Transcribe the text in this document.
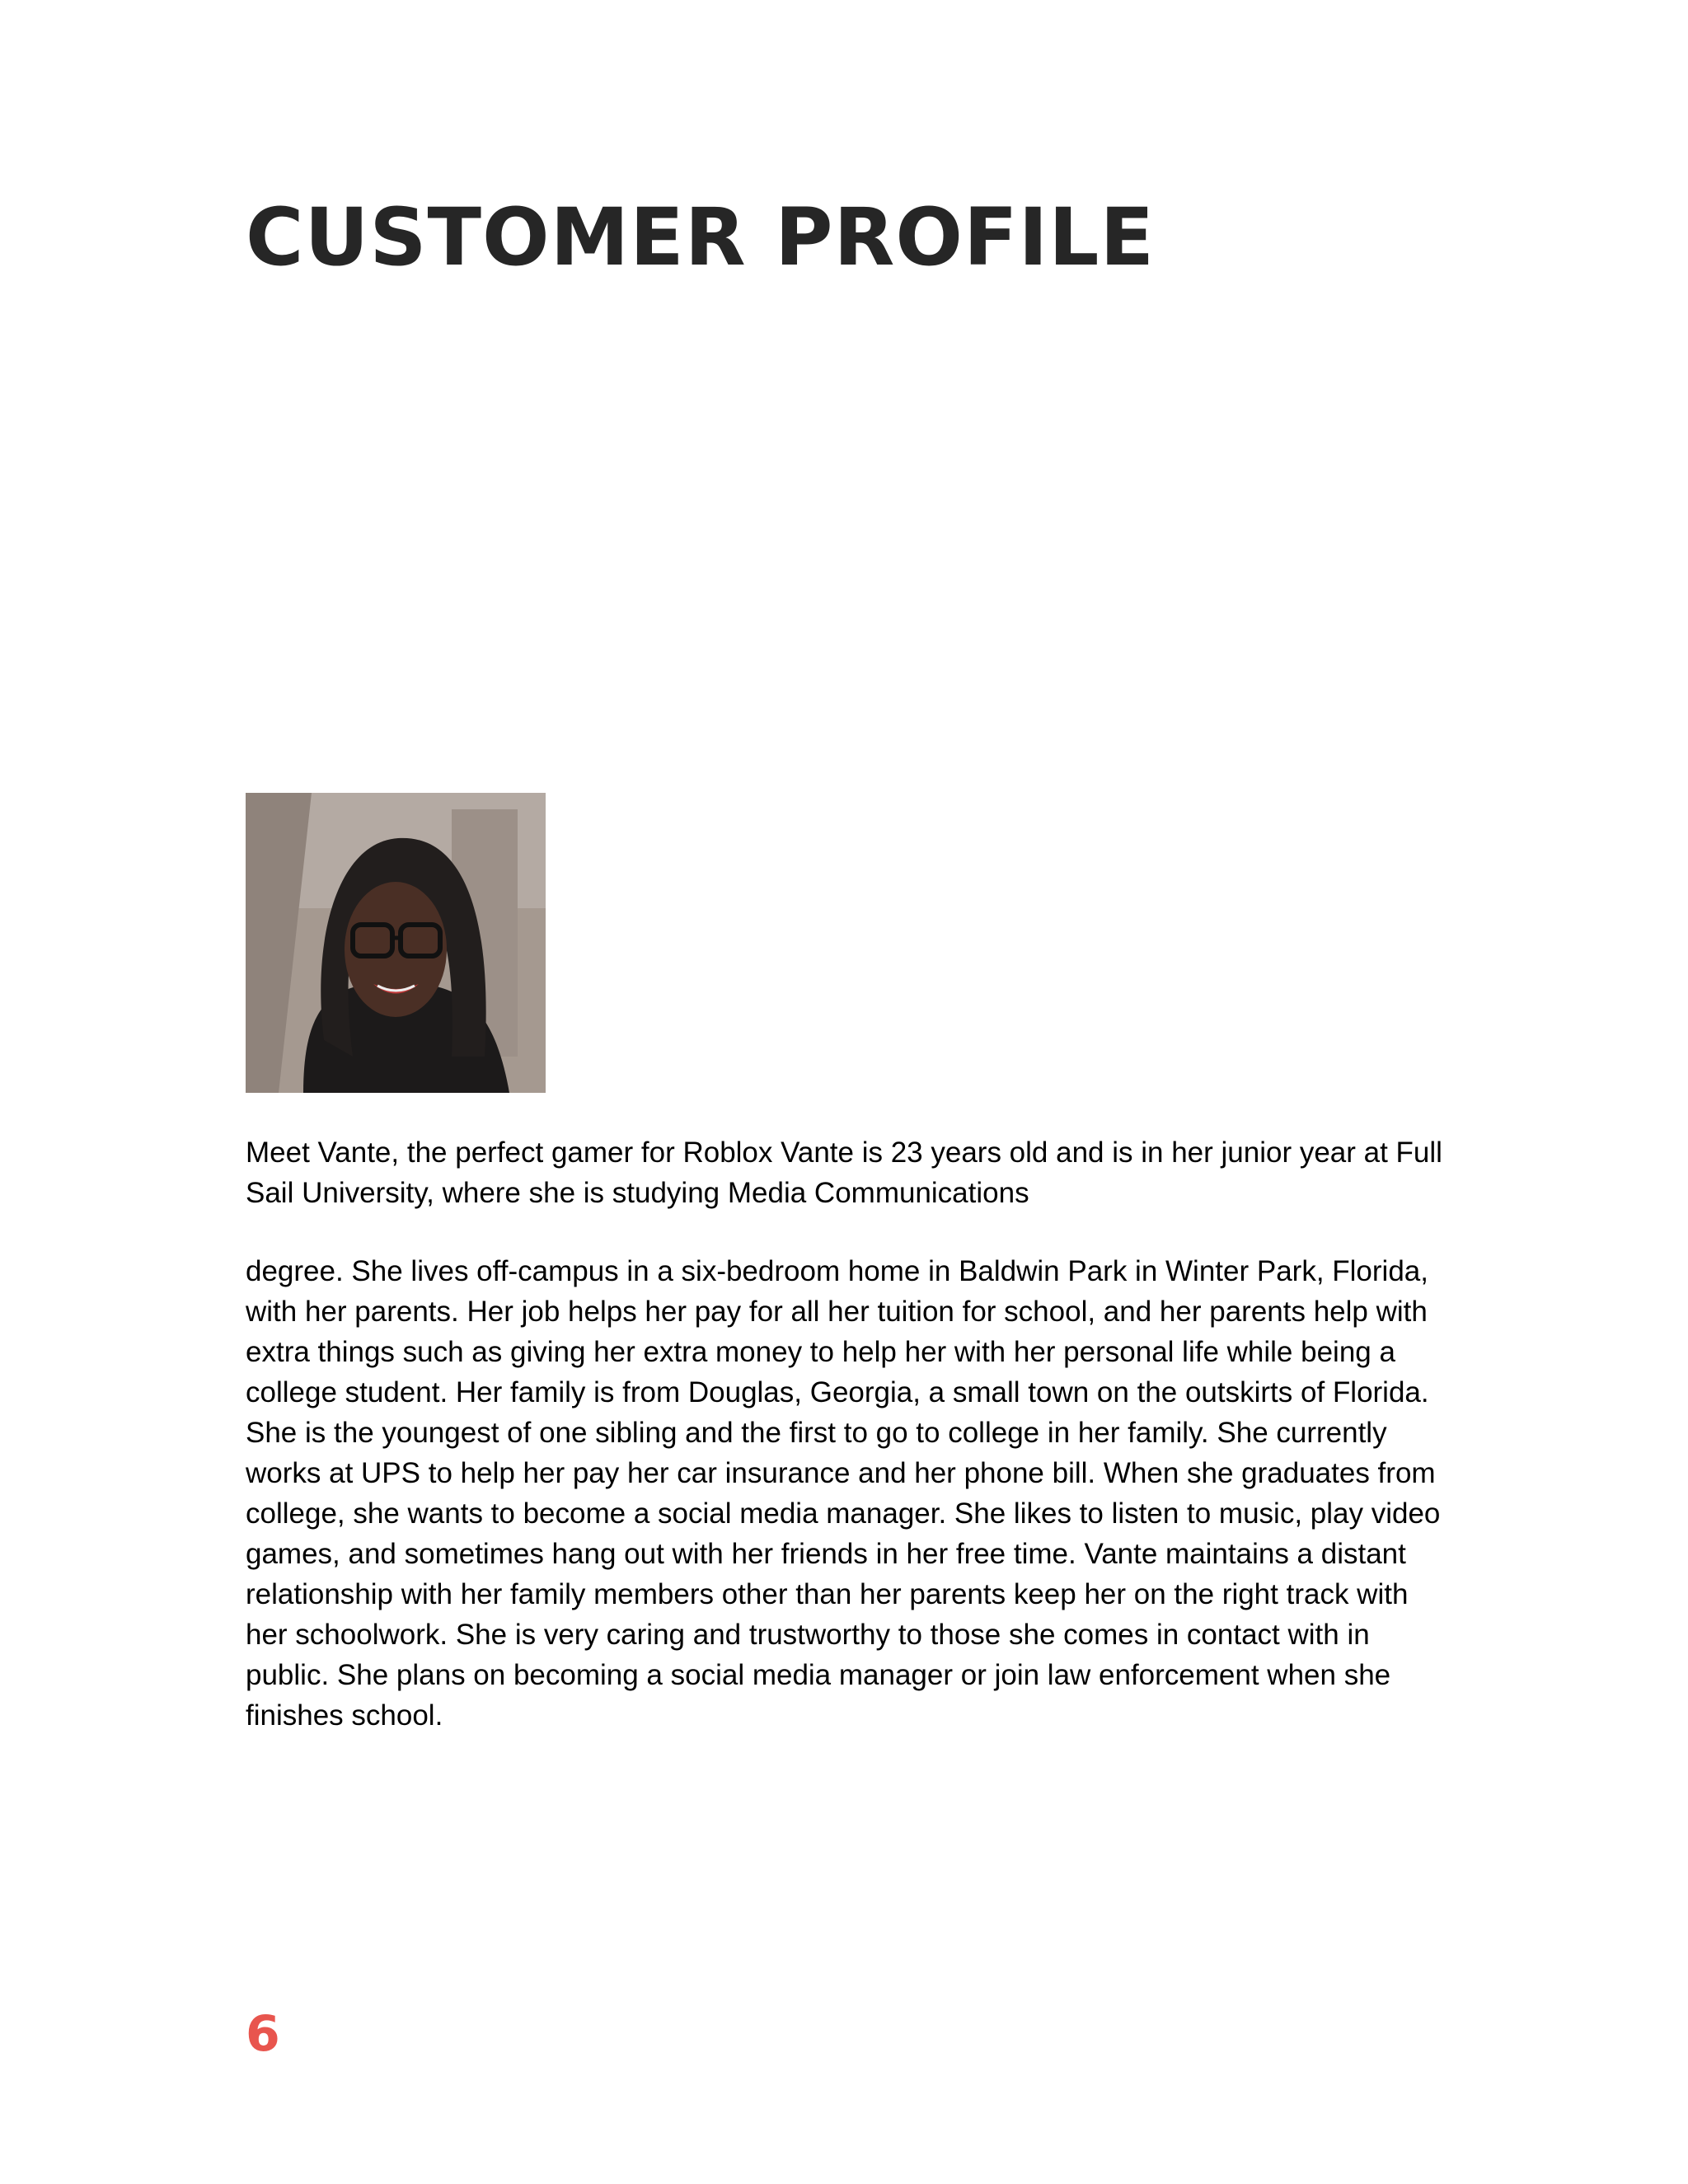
CUSTOMER PROFILE

Meet Vante, the perfect gamer for Roblox Vante is 23 years old and is in her junior year at Full Sail University, where she is studying Media Communications

degree. She lives off-campus in a six-bedroom home in Baldwin Park in Winter Park, Florida, with her parents. Her job helps her pay for all her tuition for school, and her parents help with extra things such as giving her extra money to help her with her personal life while being a college student. Her family is from Douglas, Georgia, a small town on the outskirts of Florida. She is the youngest of one sibling and the first to go to college in her family. She currently works at UPS to help her pay her car insurance and her phone bill. When she graduates from college, she wants to become a social media manager. She likes to listen to music, play video games, and sometimes hang out with her friends in her free time. Vante maintains a distant relationship with her family members other than her parents keep her on the right track with her schoolwork. She is very caring and trustworthy to those she comes in contact with in public. She plans on becoming a social media manager or join law enforcement when she finishes school.

6
